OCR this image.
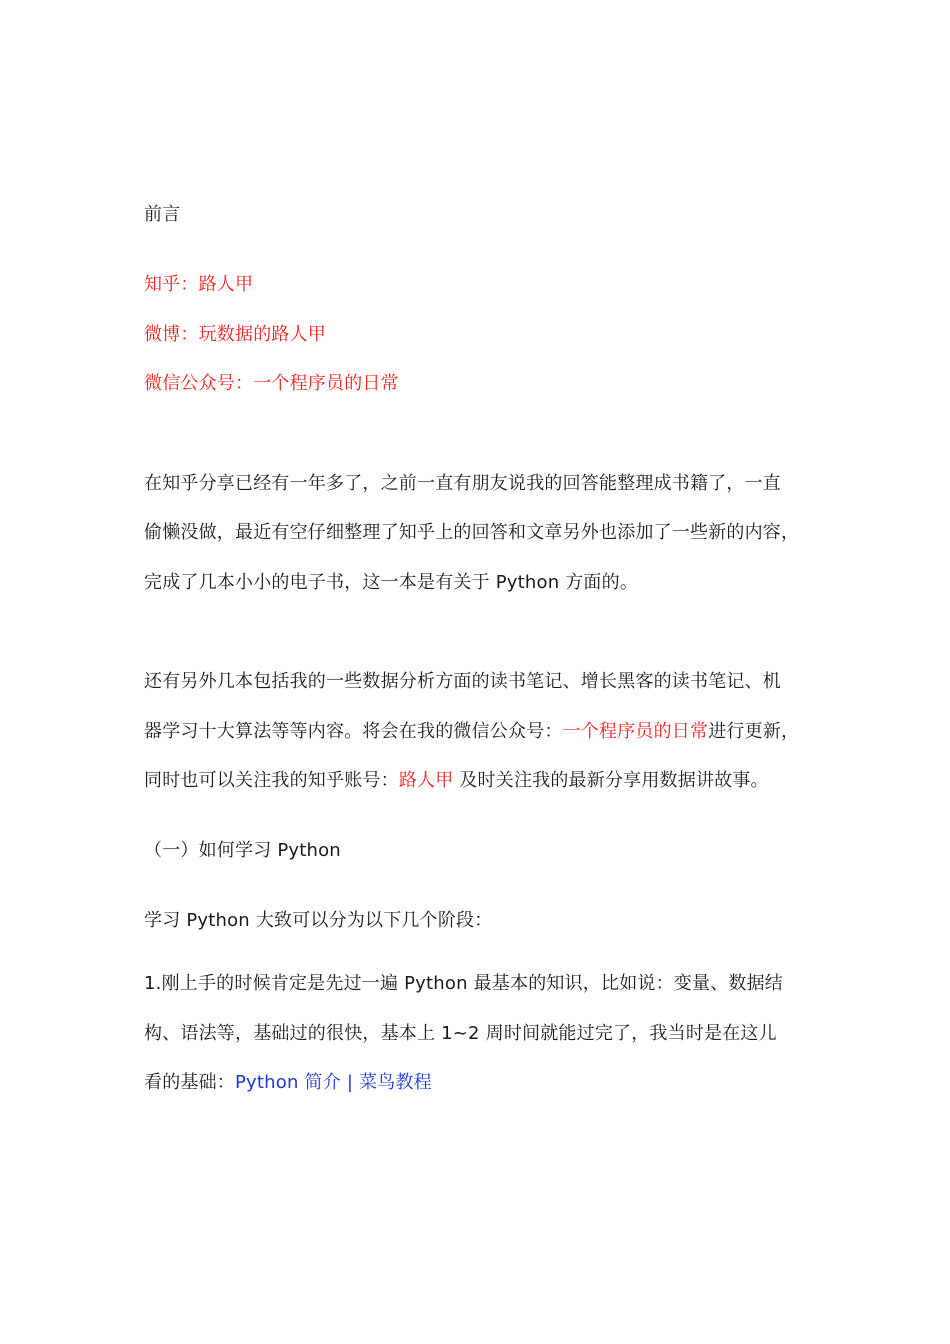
前言
知乎：路人甲
微博：玩数据的路人甲
微信公众号：一个程序员的日常
在知乎分享已经有一年多了，之前一直有朋友说我的回答能整理成书籍了，一直
偷懒没做，最近有空仔细整理了知乎上的回答和文章另外也添加了一些新的内容，
完成了几本小小的电子书，这一本是有关于 Python 方面的。
还有另外几本包括我的一些数据分析方面的读书笔记、增长黑客的读书笔记、机
器学习十大算法等等内容。将会在我的微信公众号：一个程序员的日常进行更新，
同时也可以关注我的知乎账号：路人甲 及时关注我的最新分享用数据讲故事。
（一）如何学习 Python
学习 Python 大致可以分为以下几个阶段：
1.刚上手的时候肯定是先过一遍 Python 最基本的知识，比如说：变量、数据结
构、语法等，基础过的很快，基本上 1~2 周时间就能过完了，我当时是在这儿
看的基础：Python 简介 | 菜鸟教程
